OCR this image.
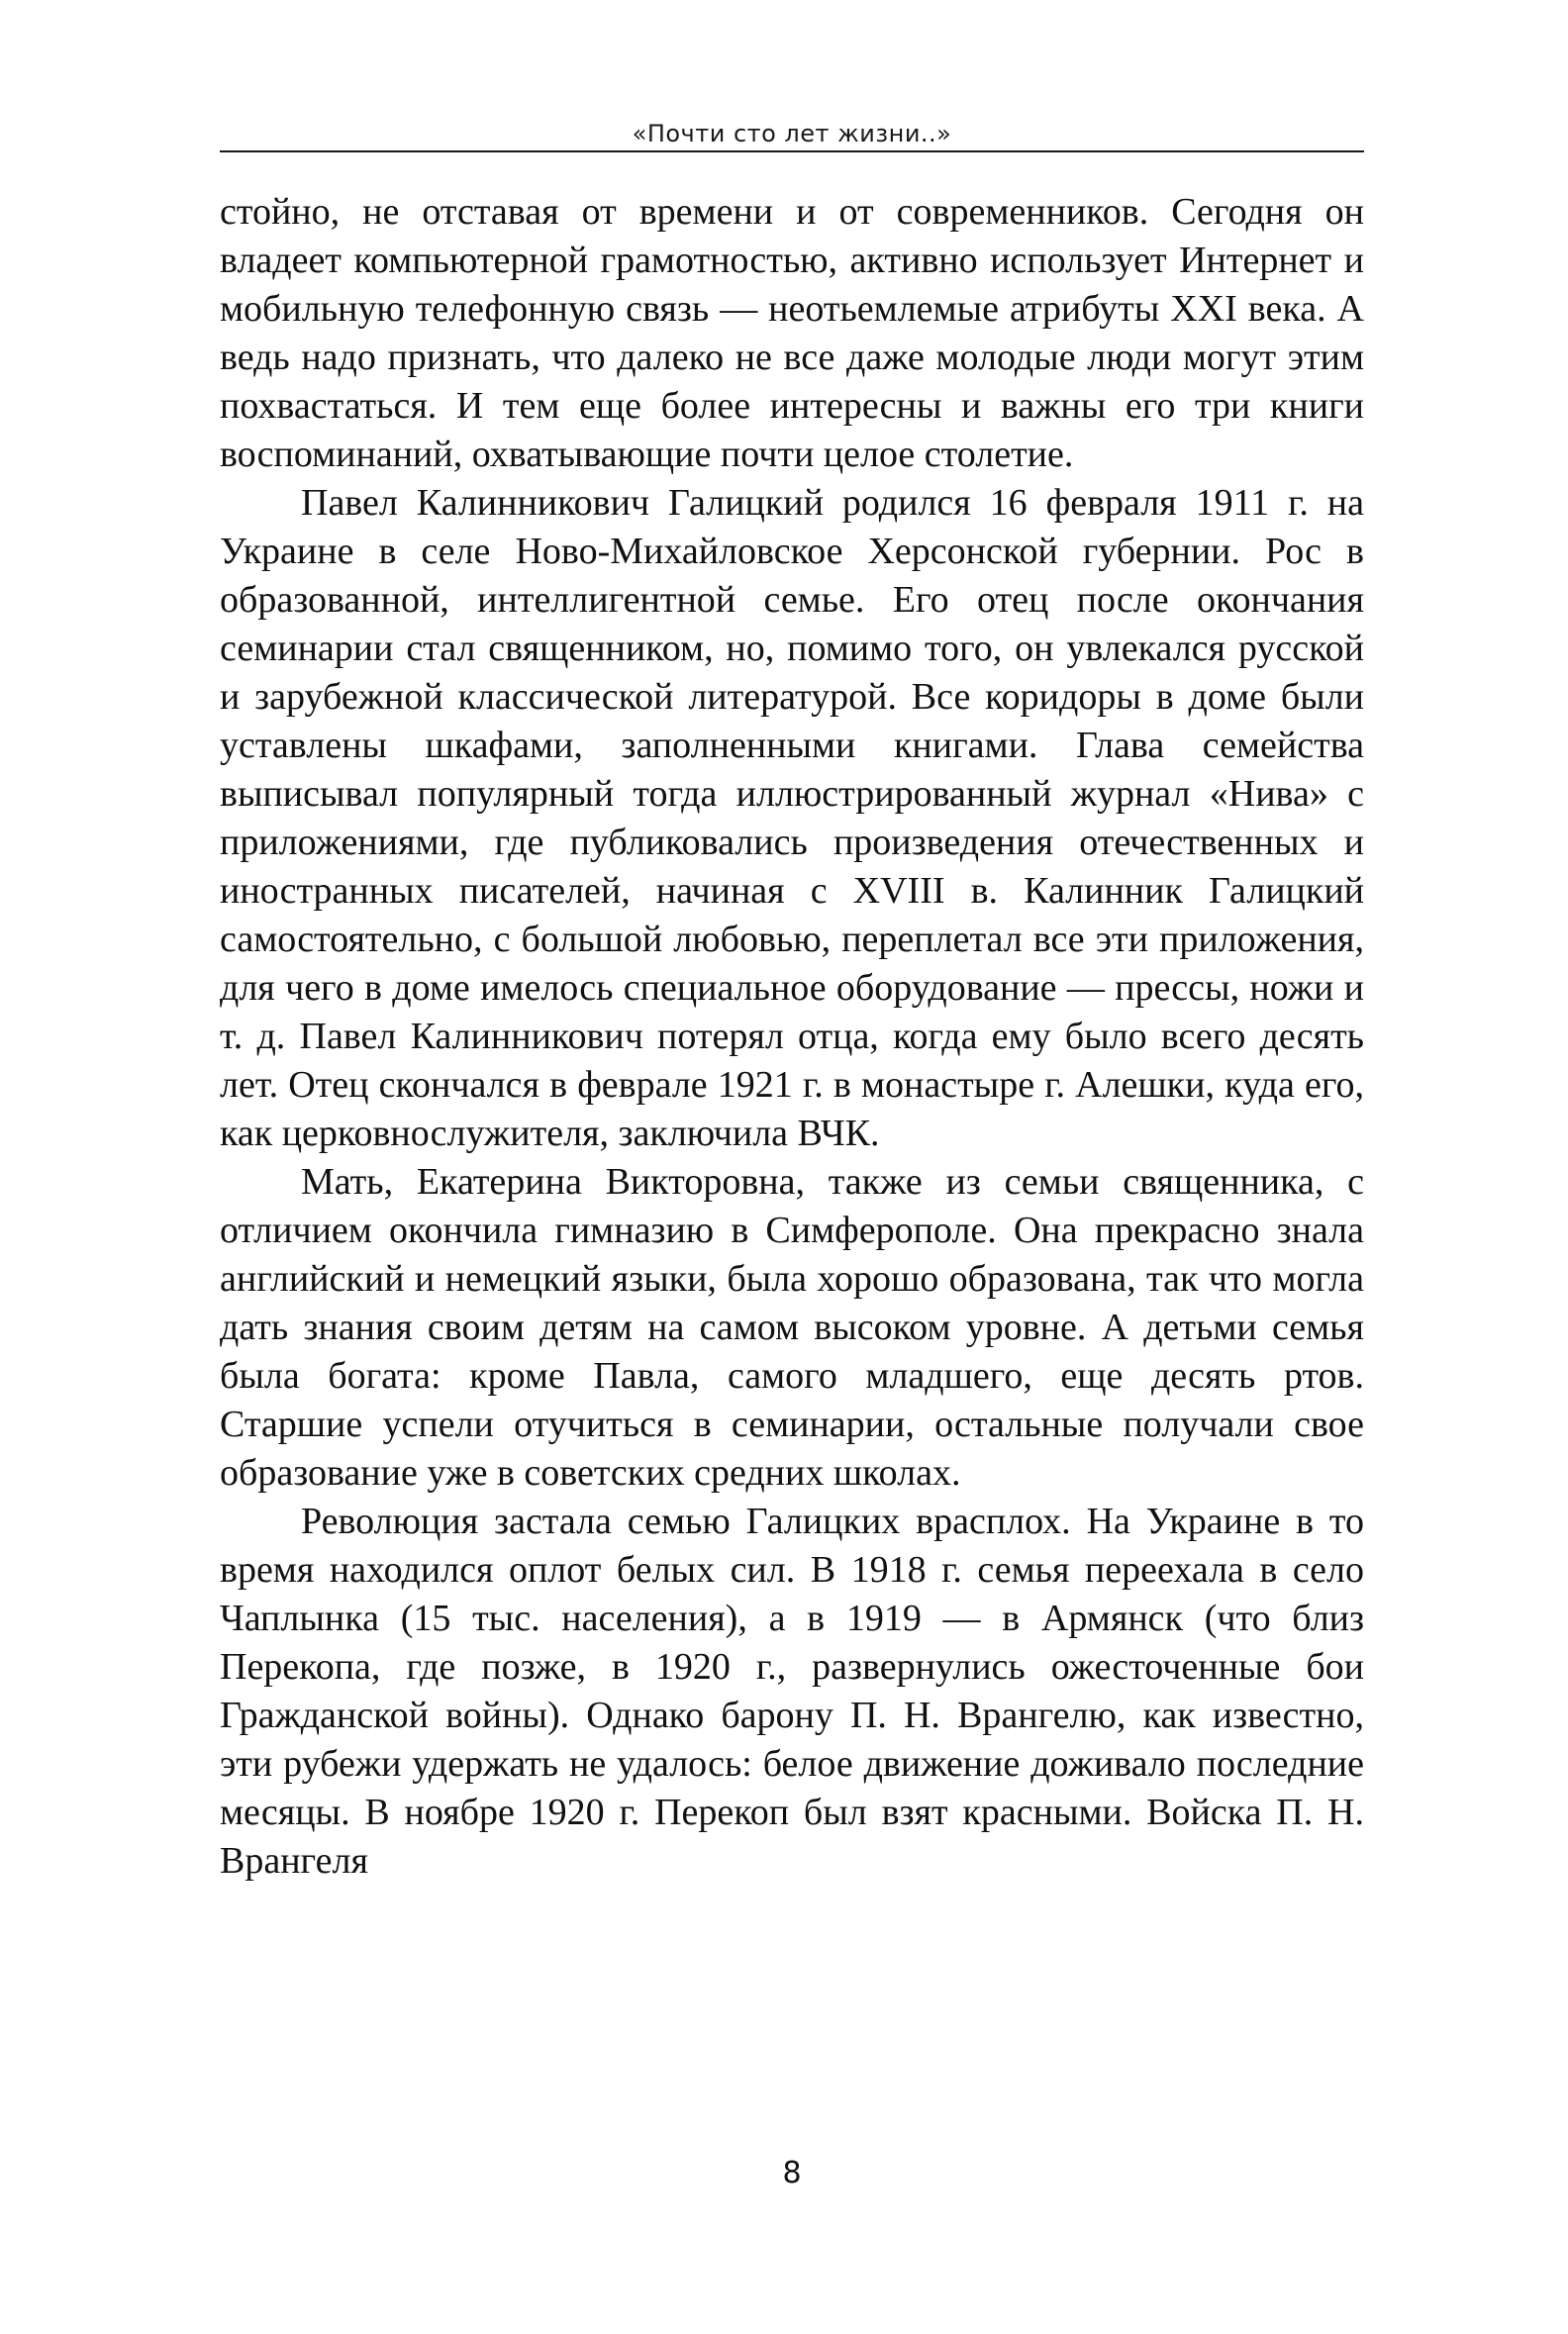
«Почти сто лет жизни..»

стойно, не отставая от времени и от современников. Сегодня он владеет компьютерной грамотностью, активно использует Интернет и мобильную телефонную связь — неотьемлемые атрибуты XXI века. А ведь надо признать, что далеко не все даже молодые люди могут этим похвастаться. И тем еще более интересны и важны его три книги воспоминаний, охватывающие почти целое столетие.

Павел Калинникович Галицкий родился 16 февраля 1911 г. на Украине в селе Ново-Михайловское Херсонской губернии. Рос в образованной, интеллигентной семье. Его отец после окончания семинарии стал священником, но, помимо того, он увлекался русской и зарубежной классической литературой. Все коридоры в доме были уставлены шкафами, заполненными книгами. Глава семейства выписывал популярный тогда иллюстрированный журнал «Нива» с приложениями, где публиковались произведения отечественных и иностранных писателей, начиная с XVIII в. Калинник Галицкий самостоятельно, с большой любовью, переплетал все эти приложения, для чего в доме имелось специальное оборудование — прессы, ножи и т. д. Павел Калинникович потерял отца, когда ему было всего десять лет. Отец скончался в феврале 1921 г. в монастыре г. Алешки, куда его, как церковнослужителя, заключила ВЧК.

Мать, Екатерина Викторовна, также из семьи священника, с отличием окончила гимназию в Симферополе. Она прекрасно знала английский и немецкий языки, была хорошо образована, так что могла дать знания своим детям на самом высоком уровне. А детьми семья была богата: кроме Павла, самого младшего, еще десять ртов. Старшие успели отучиться в семинарии, остальные получали свое образование уже в советских средних школах.

Революция застала семью Галицких врасплох. На Украине в то время находился оплот белых сил. В 1918 г. семья переехала в село Чаплынка (15 тыс. населения), а в 1919 — в Армянск (что близ Перекопа, где позже, в 1920 г., развернулись ожесточенные бои Гражданской войны). Однако барону П. Н. Врангелю, как известно, эти рубежи удержать не удалось: белое движение доживало последние месяцы. В ноябре 1920 г. Перекоп был взят красными. Войска П. Н. Врангеля

8
